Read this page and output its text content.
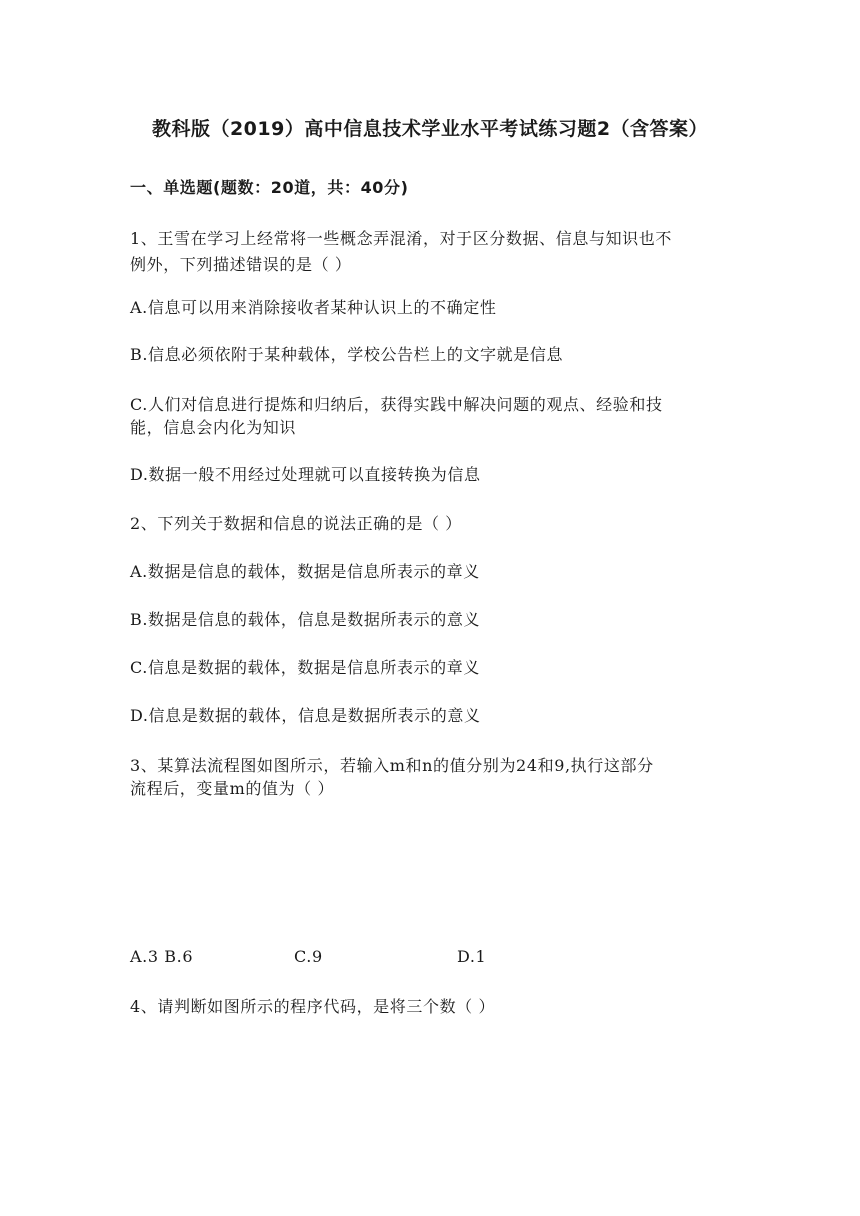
教科版（2019）高中信息技术学业水平考试练习题2（含答案）
一、单选题(题数：20道，共：40分)
1、王雪在学习上经常将一些概念弄混淆，对于区分数据、信息与知识也不
例外，下列描述错误的是（ ）
A.信息可以用来消除接收者某种认识上的不确定性
B.信息必须依附于某种载体，学校公告栏上的文字就是信息
C.人们对信息进行提炼和归纳后，获得实践中解决问题的观点、经验和技
能，信息会内化为知识
D.数据一般不用经过处理就可以直接转换为信息
2、下列关于数据和信息的说法正确的是（ ）
A.数据是信息的载体，数据是信息所表示的章义
B.数据是信息的载体，信息是数据所表示的意义
C.信息是数据的载体，数据是信息所表示的章义
D.信息是数据的载体，信息是数据所表示的意义
3、某算法流程图如图所示，若输入m和n的值分别为24和9,执行这部分
流程后，变量m的值为（ ）
A.3 B.6	C.9	D.1
4、请判断如图所示的程序代码，是将三个数（ ）
